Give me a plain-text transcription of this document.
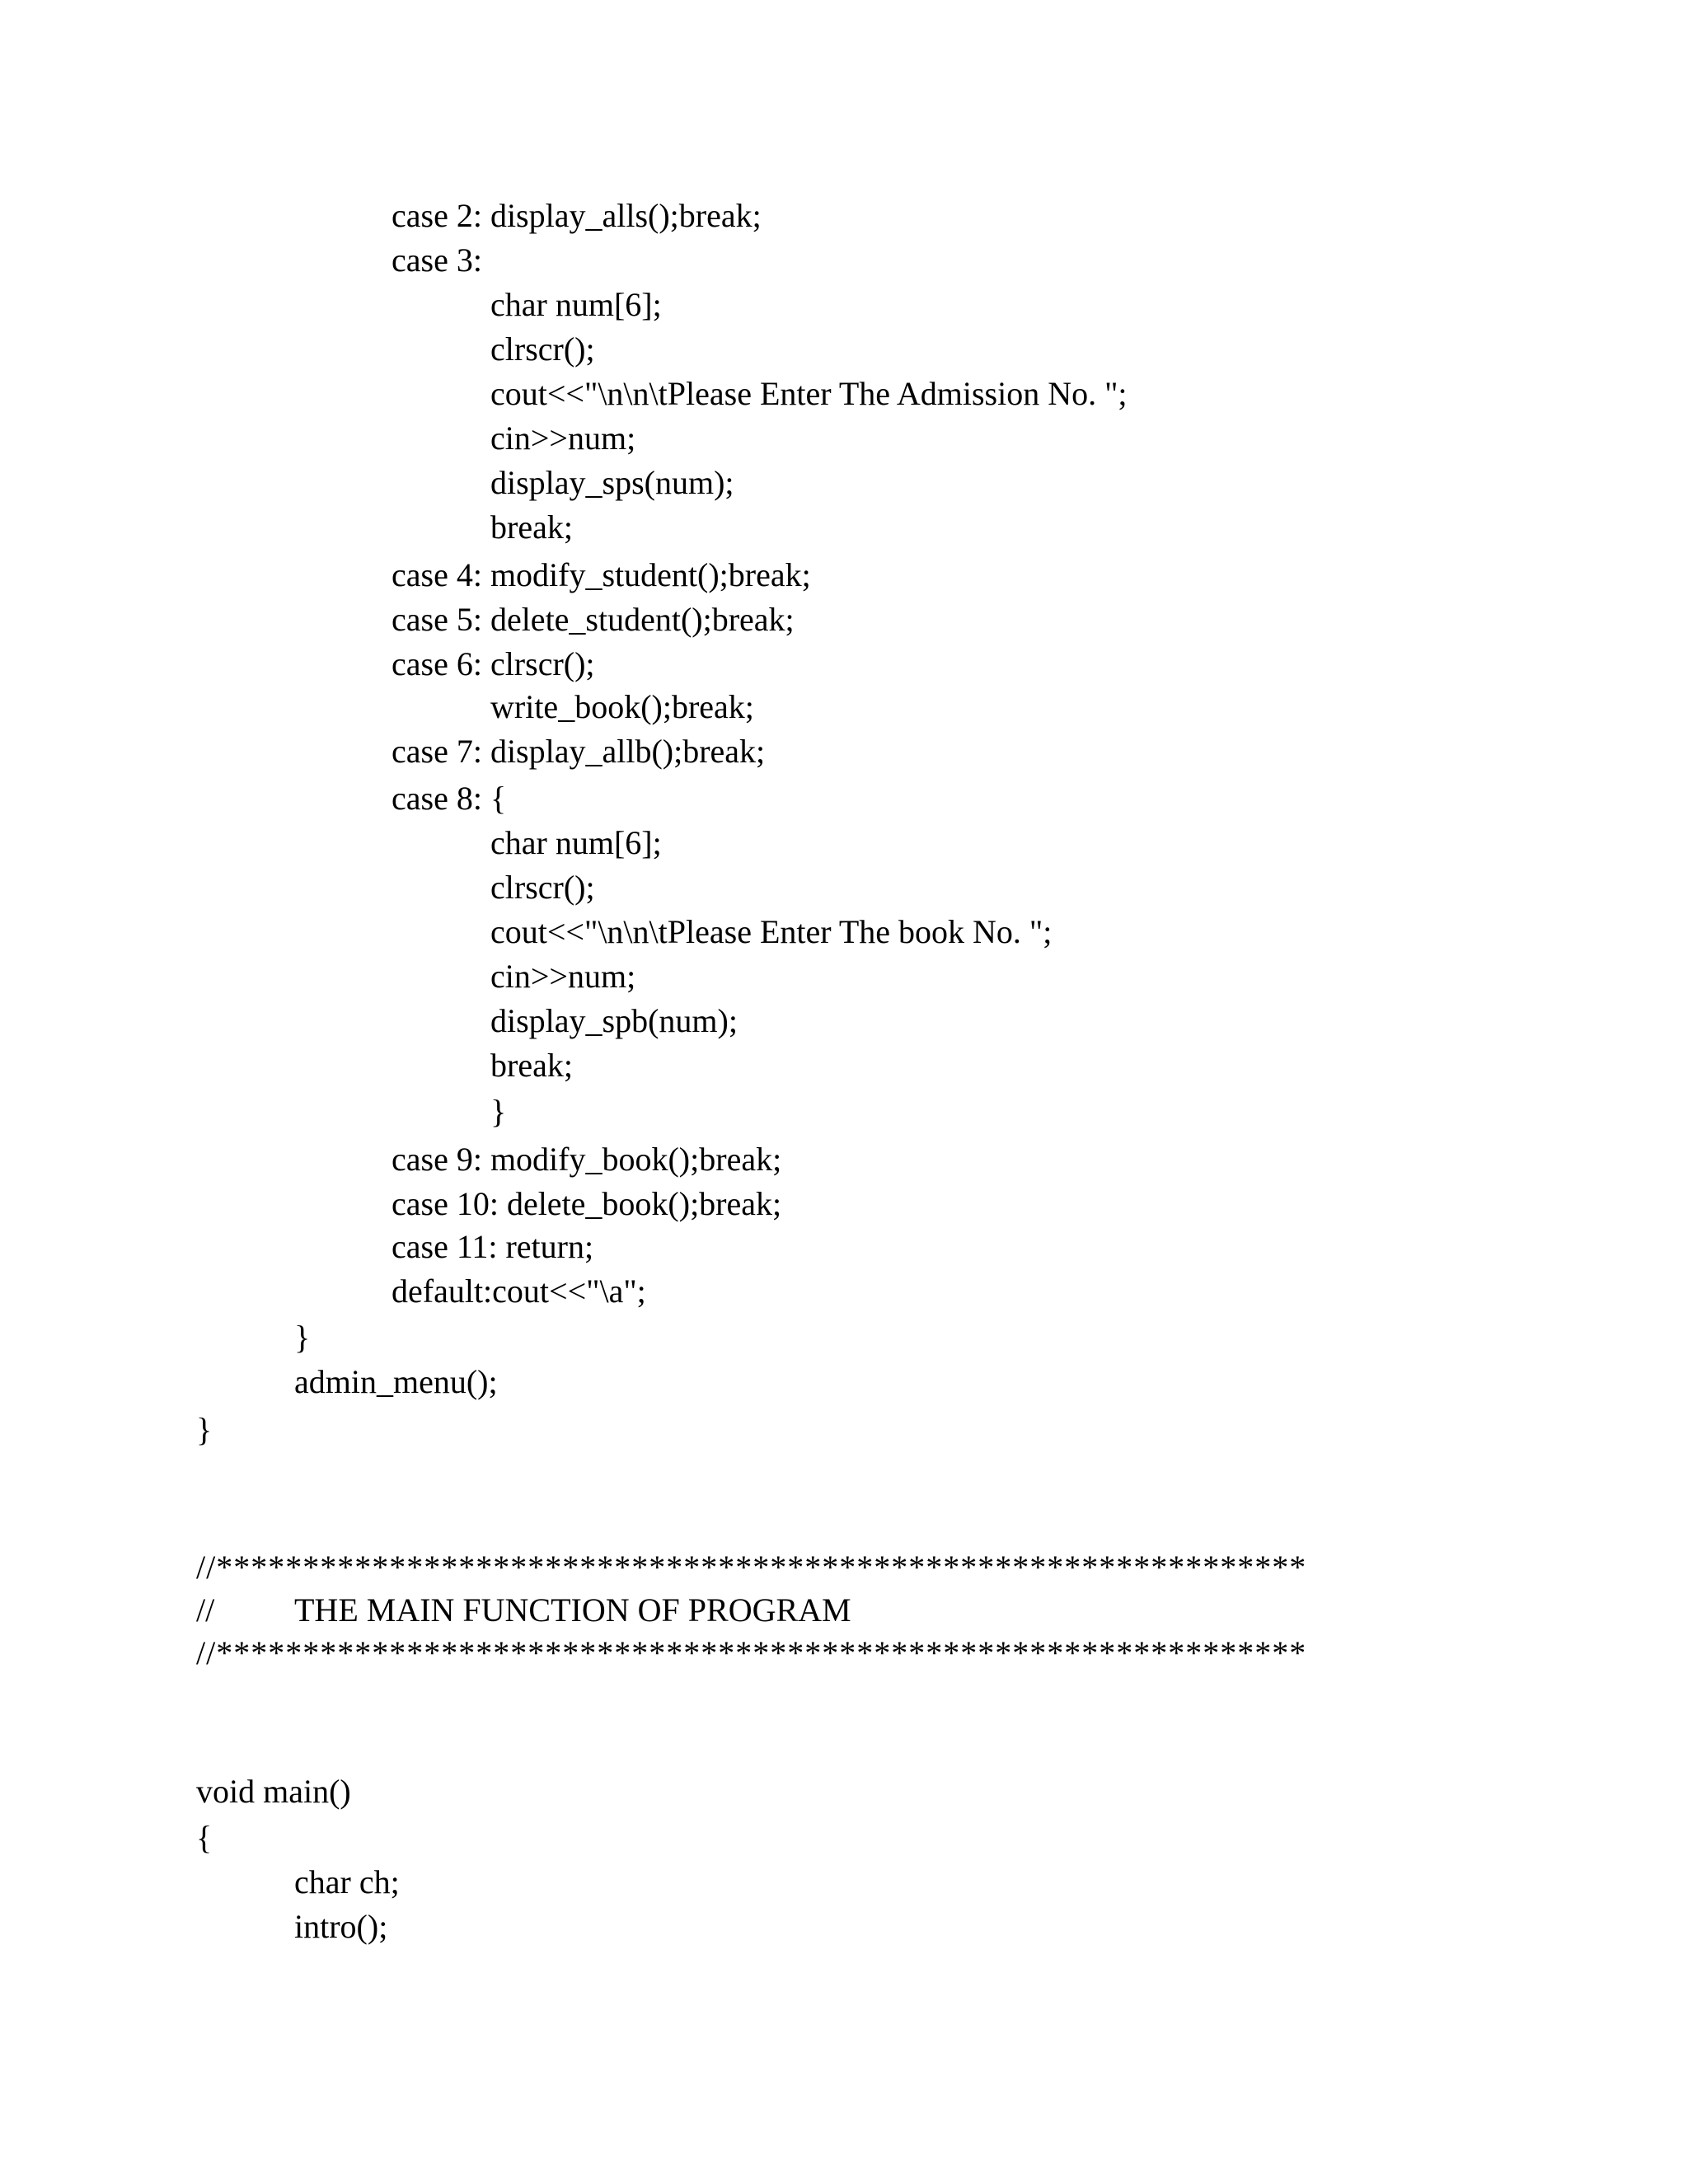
case 2: display_alls();break;
case 3:
char num[6];
clrscr();
cout<<"\n\n\tPlease Enter The Admission No. ";
cin>>num;
display_sps(num);
break;
case 4: modify_student();break;
case 5: delete_student();break;
case 6: clrscr();
write_book();break;
case 7: display_allb();break;
case 8: {
char num[6];
clrscr();
cout<<"\n\n\tPlease Enter The book No. ";
cin>>num;
display_spb(num);
break;
}
case 9: modify_book();break;
case 10: delete_book();break;
case 11: return;
default:cout<<"\a";
}
admin_menu();
}
//***************************************************************
// THE MAIN FUNCTION OF PROGRAM
//***************************************************************
void main()
{
char ch;
intro();
